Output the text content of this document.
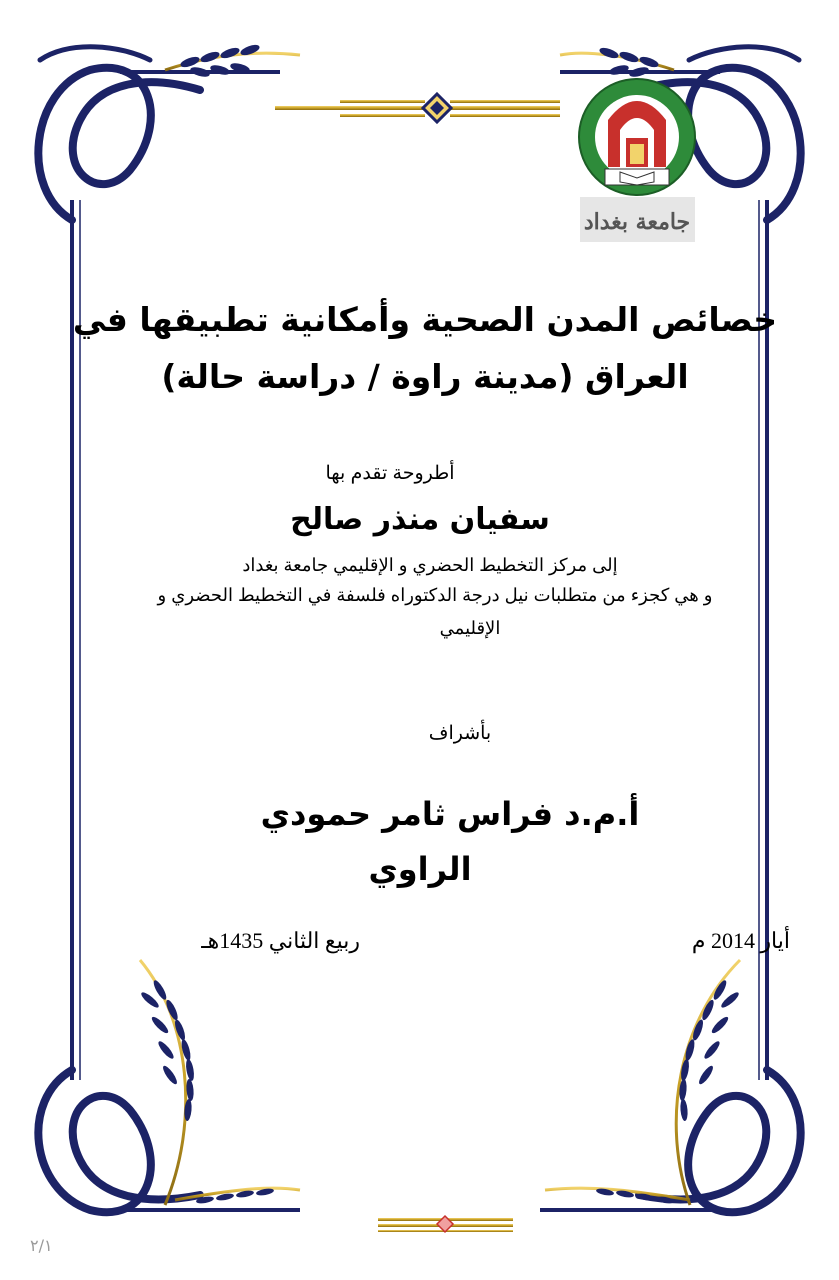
جامعة بغداد
خصائص المدن الصحية وأمكانية تطبيقها في
العراق (مدينة راوة / دراسة حالة)
أطروحة تقدم بها
سفيان منذر صالح
إلى مركز التخطيط الحضري و الإقليمي جامعة بغداد
و هي كجزء من متطلبات نيل درجة الدكتوراه فلسفة في التخطيط الحضري و
الإقليمي
بأشراف
أ.م.د فراس ثامر حمودي
الراوي
أيار 2014 م
ربيع الثاني 1435هـ
٢/١
